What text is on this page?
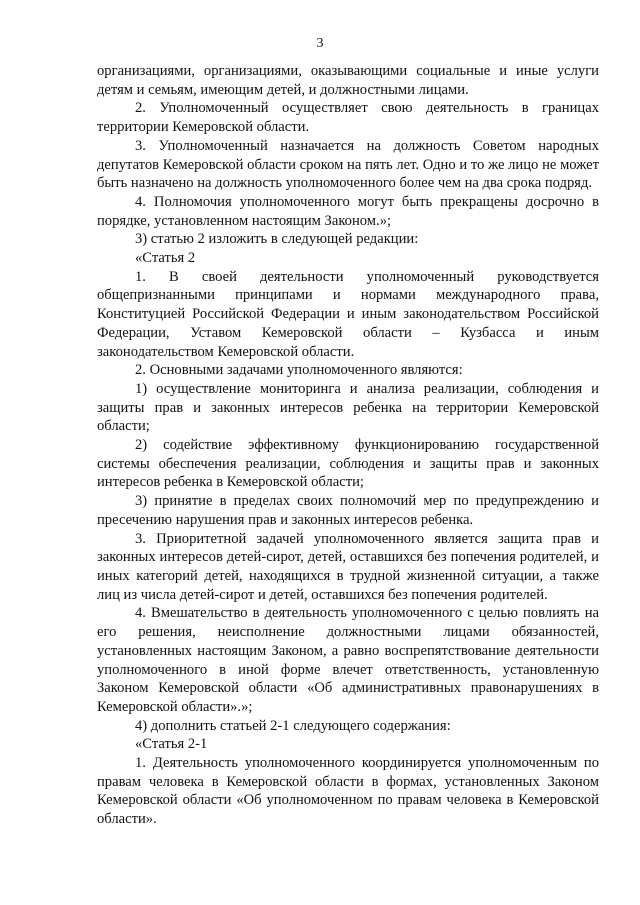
3

организациями, организациями, оказывающими социальные и иные услуги детям и семьям, имеющим детей, и должностными лицами.

2. Уполномоченный осуществляет свою деятельность в границах территории Кемеровской области.

3. Уполномоченный назначается на должность Советом народных депутатов Кемеровской области сроком на пять лет. Одно и то же лицо не может быть назначено на должность уполномоченного более чем на два срока подряд.

4. Полномочия уполномоченного могут быть прекращены досрочно в порядке, установленном настоящим Законом.»;

3) статью 2 изложить в следующей редакции:

«Статья 2

1. В своей деятельности уполномоченный руководствуется общепризнанными принципами и нормами международного права, Конституцией Российской Федерации и иным законодательством Российской Федерации, Уставом Кемеровской области – Кузбасса и иным законодательством Кемеровской области.

2. Основными задачами уполномоченного являются:

1) осуществление мониторинга и анализа реализации, соблюдения и защиты прав и законных интересов ребенка на территории Кемеровской области;

2) содействие эффективному функционированию государственной системы обеспечения реализации, соблюдения и защиты прав и законных интересов ребенка в Кемеровской области;

3) принятие в пределах своих полномочий мер по предупреждению и пресечению нарушения прав и законных интересов ребенка.

3. Приоритетной задачей уполномоченного является защита прав и законных интересов детей-сирот, детей, оставшихся без попечения родителей, и иных категорий детей, находящихся в трудной жизненной ситуации, а также лиц из числа детей-сирот и детей, оставшихся без попечения родителей.

4. Вмешательство в деятельность уполномоченного с целью повлиять на его решения, неисполнение должностными лицами обязанностей, установленных настоящим Законом, а равно воспрепятствование деятельности уполномоченного в иной форме влечет ответственность, установленную Законом Кемеровской области «Об административных правонарушениях в Кемеровской области».»;

4) дополнить статьей 2-1 следующего содержания:

«Статья 2-1

1. Деятельность уполномоченного координируется уполномоченным по правам человека в Кемеровской области в формах, установленных Законом Кемеровской области «Об уполномоченном по правам человека в Кемеровской области».
